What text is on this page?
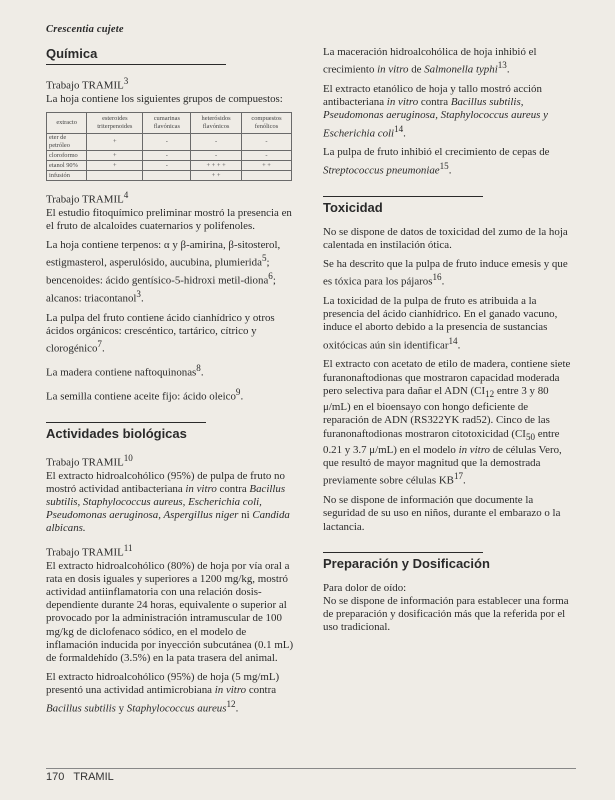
Crescentia cujete
Química
Trabajo TRAMIL$^3$

La hoja contiene los siguientes grupos de compuestos:

extracto	esteroides triterpenoides	cumarinas flavónicas	heterósidos flavónicos	compuestos fenólicos
eter de petróleo	+	-	-	-
cloroformo	+	-	-	-
etanol 90%	+	-	+ + + +	+ +
infusión			+ +	
Trabajo TRAMIL$^4$

El estudio fitoquímico preliminar mostró la presencia en el fruto de alcaloides cuaternarios y polifenoles.

La hoja contiene terpenos: α y β-amirina, β-sitosterol, estigmasterol, asperulósido, aucubina, plumierida$^5$; bencenoides: ácido gentísico-5-hidroxi metil-diona$^6$; alcanos: triacontanol$^3$.

La pulpa del fruto contiene ácido cianhídrico y otros ácidos orgánicos: crescéntico, tartárico, cítrico y clorogénico$^7$.

La madera contiene naftoquinonas$^8$.

La semilla contiene aceite fijo: ácido oleico$^9$.

Actividades biológicas
Trabajo TRAMIL$^{10}$

El extracto hidroalcohólico (95%) de pulpa de fruto no mostró actividad antibacteriana in vitro contra Bacillus subtilis, Staphylococcus aureus, Escherichia coli, Pseudomonas aeruginosa, Aspergillus niger ni Candida albicans.

Trabajo TRAMIL$^{11}$

El extracto hidroalcohólico (80%) de hoja por vía oral a rata en dosis iguales y superiores a 1200 mg/kg, mostró actividad antiinflamatoria con una relación dosis-dependiente durante 24 horas, equivalente o superior al provocado por la administración intramuscular de 100 mg/kg de diclofenaco sódico, en el modelo de inflamación inducida por inyección subcutánea (0.1 mL) de formaldehído (3.5%) en la pata trasera del animal.

El extracto hidroalcohólico (95%) de hoja (5 mg/mL) presentó una actividad antimicrobiana in vitro contra Bacillus subtilis y Staphylococcus aureus$^{12}$.

La maceración hidroalcohólica de hoja inhibió el crecimiento in vitro de Salmonella typhi$^{13}$.

El extracto etanólico de hoja y tallo mostró acción antibacteriana in vitro contra Bacillus subtilis, Pseudomonas aeruginosa, Staphylococcus aureus y Escherichia coli$^{14}$.

La pulpa de fruto inhibió el crecimiento de cepas de Streptococcus pneumoniae$^{15}$.

Toxicidad

No se dispone de datos de toxicidad del zumo de la hoja calentada en instilación ótica.

Se ha descrito que la pulpa de fruto induce emesis y que es tóxica para los pájaros$^{16}$.

La toxicidad de la pulpa de fruto es atribuida a la presencia del ácido cianhídrico. En el ganado vacuno, induce el aborto debido a la presencia de sustancias oxitócicas aún sin identificar$^{14}$.

El extracto con acetato de etilo de madera, contiene siete furanonaftodionas que mostraron capacidad moderada pero selectiva para dañar el ADN ($CI_{12}$ entre 3 y 80 μ/mL) en el bioensayo con hongo deficiente de reparación de ADN (RS322YK rad52). Cinco de las furanonaftodionas mostraron citotoxicidad ($CI_{50}$ entre 0.21 y 3.7 μ/mL) en el modelo in vitro de células Vero, que resultó de mayor magnitud que la demostrada previamente sobre células KB$^{17}$.

No se dispone de información que documente la seguridad de su uso en niños, durante el embarazo o la lactancia.

Preparación y Dosificación
Para dolor de oído:

No se dispone de información para establecer una forma de preparación y dosificación más que la referida por el uso tradicional.

170 TRAMIL
